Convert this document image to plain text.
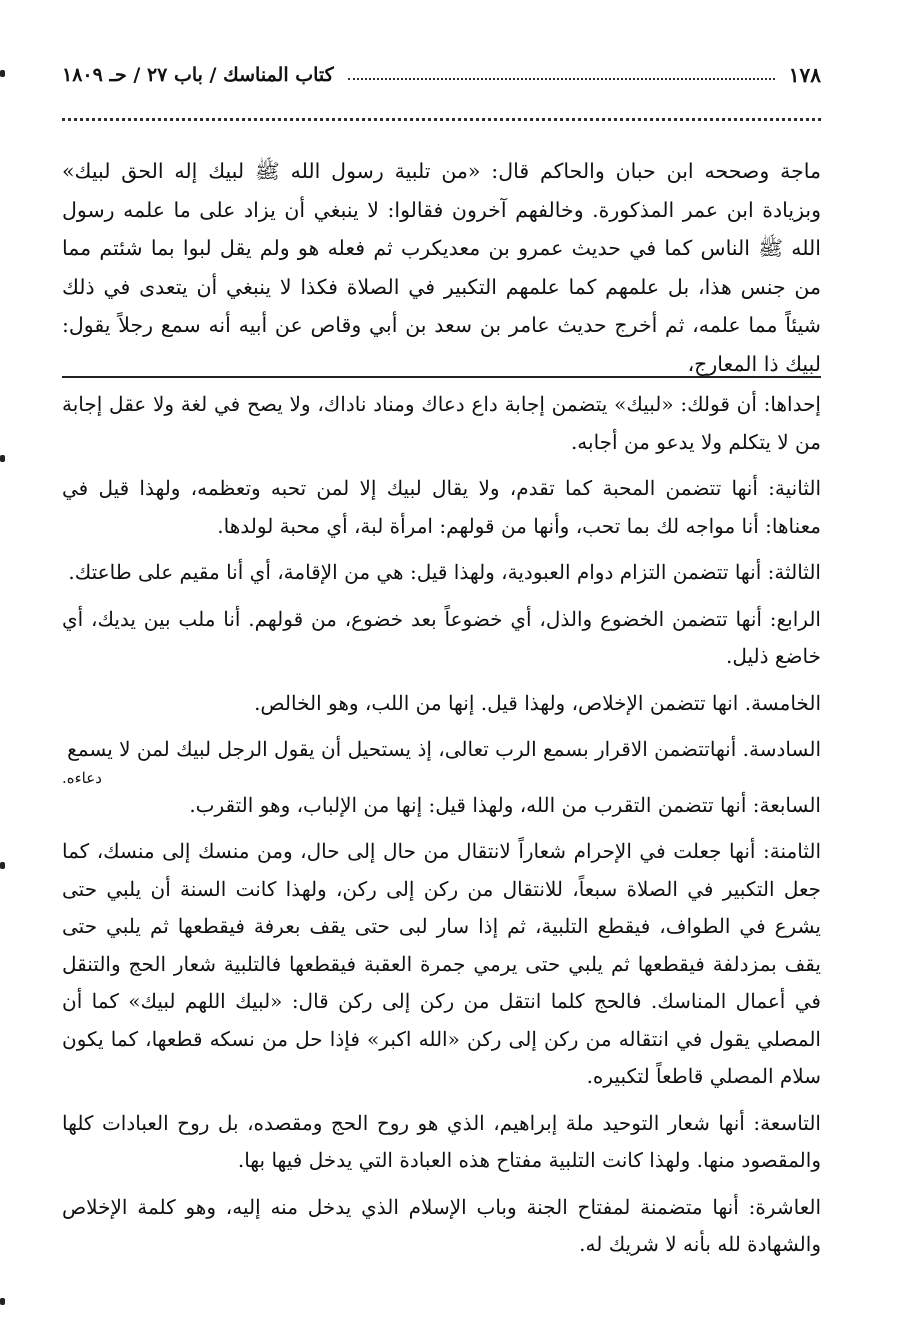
١٧٨
كتاب المناسك / باب ٢٧ / حـ ١٨٠٩
ماجة وصححه ابن حبان والحاكم قال: «من تلبية رسول الله ﷺ لبيك إله الحق لبيك» وبزيادة ابن عمر المذكورة. وخالفهم آخرون فقالوا: لا ينبغي أن يزاد على ما علمه رسول الله ﷺ الناس كما في حديث عمرو بن معديكرب ثم فعله هو ولم يقل لبوا بما شئتم مما من جنس هذا، بل علمهم كما علمهم التكبير في الصلاة فكذا لا ينبغي أن يتعدى في ذلك شيئاً مما علمه، ثم أخرج حديث عامر بن سعد بن أبي وقاص عن أبيه أنه سمع رجلاً يقول: لبيك ذا المعارج،
إحداها: أن قولك: «لبيك» يتضمن إجابة داع دعاك ومناد ناداك، ولا يصح في لغة ولا عقل إجابة من لا يتكلم ولا يدعو من أجابه.
الثانية: أنها تتضمن المحبة كما تقدم، ولا يقال لبيك إلا لمن تحبه وتعظمه، ولهذا قيل في معناها: أنا مواجه لك بما تحب، وأنها من قولهم: امرأة لبة، أي محبة لولدها.
الثالثة: أنها تتضمن التزام دوام العبودية، ولهذا قيل: هي من الإقامة، أي أنا مقيم على طاعتك.
الرابع: أنها تتضمن الخضوع والذل، أي خضوعاً بعد خضوع، من قولهم. أنا ملب بين يديك، أي خاضع ذليل.
الخامسة. انها تتضمن الإخلاص، ولهذا قيل. إنها من اللب، وهو الخالص.
السادسة. أنهاتتضمن الاقرار بسمع الرب تعالى، إذ يستحيل أن يقول الرجل لبيك لمن لا يسمع
دعاءه.
السابعة: أنها تتضمن التقرب من الله، ولهذا قيل: إنها من الإلباب، وهو التقرب.
الثامنة: أنها جعلت في الإحرام شعاراً لانتقال من حال إلى حال، ومن منسك إلى منسك، كما جعل التكبير في الصلاة سبعاً، للانتقال من ركن إلى ركن، ولهذا كانت السنة أن يلبي حتى يشرع في الطواف، فيقطع التلبية، ثم إذا سار لبى حتى يقف بعرفة فيقطعها ثم يلبي حتى يقف بمزدلفة فيقطعها ثم يلبي حتى يرمي جمرة العقبة فيقطعها فالتلبية شعار الحج والتنقل في أعمال المناسك. فالحج كلما انتقل من ركن إلى ركن قال: «لبيك اللهم لبيك» كما أن المصلي يقول في انتقاله من ركن إلى ركن «الله اكبر» فإذا حل من نسكه قطعها، كما يكون سلام المصلي قاطعاً لتكبيره.
التاسعة: أنها شعار التوحيد ملة إبراهيم، الذي هو روح الحج ومقصده، بل روح العبادات كلها والمقصود منها. ولهذا كانت التلبية مفتاح هذه العبادة التي يدخل فيها بها.
العاشرة: أنها متضمنة لمفتاح الجنة وباب الإسلام الذي يدخل منه إليه، وهو كلمة الإخلاص والشهادة لله بأنه لا شريك له.
